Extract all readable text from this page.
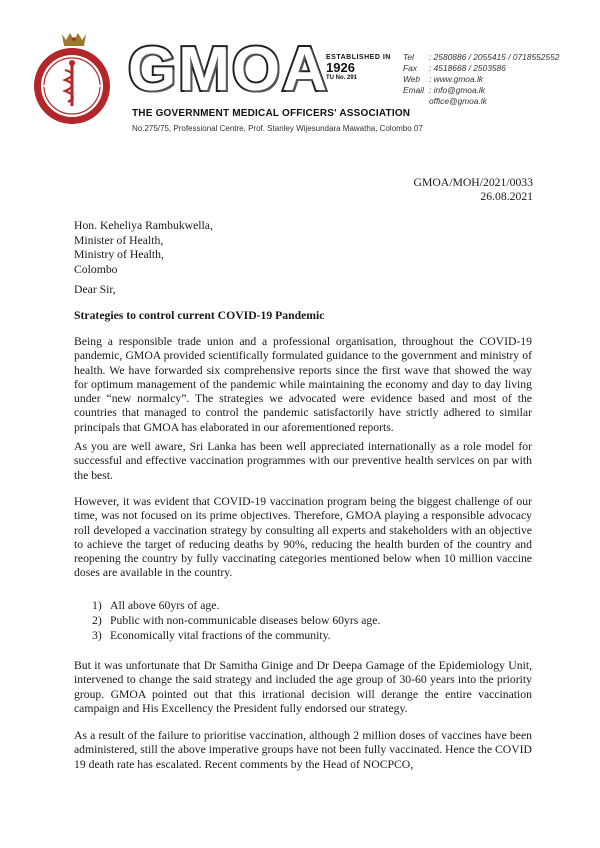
GMOA
ESTABLISHED IN
1926
TU No. 291
THE GOVERNMENT MEDICAL OFFICERS' ASSOCIATION
No.275/75, Professional Centre, Prof. Stanley Wijesundara Mawatha, Colombo 07
Tel	: 2580886 / 2055415 / 0718552552
Fax	: 4518668 / 2503586
Web	: www.gmoa.lk
Email : info@gmoa.lk
office@gmoa.lk
GMOA/MOH/2021/0033
26.08.2021
Hon. Keheliya Rambukwella,
Minister of Health,
Ministry of Health,
Colombo
Dear Sir,
Strategies to control current COVID-19 Pandemic

Being a responsible trade union and a professional organisation, throughout the COVID-19 pandemic, GMOA provided scientifically formulated guidance to the government and ministry of health. We have forwarded six comprehensive reports since the first wave that showed the way for optimum management of the pandemic while maintaining the economy and day to day living under “new normalcy”. The strategies we advocated were evidence based and most of the countries that managed to control the pandemic satisfactorily have strictly adhered to similar principals that GMOA has elaborated in our aforementioned reports.

As you are well aware, Sri Lanka has been well appreciated internationally as a role model for successful and effective vaccination programmes with our preventive health services on par with the best.

However, it was evident that COVID-19 vaccination program being the biggest challenge of our time, was not focused on its prime objectives. Therefore, GMOA playing a responsible advocacy roll developed a vaccination strategy by consulting all experts and stakeholders with an objective to achieve the target of reducing deaths by 90%, reducing the health burden of the country and reopening the country by fully vaccinating categories mentioned below when 10 million vaccine doses are available in the country.

1) All above 60yrs of age.
2) Public with non-communicable diseases below 60yrs age.
3) Economically vital fractions of the community.

But it was unfortunate that Dr Samitha Ginige and Dr Deepa Gamage of the Epidemiology Unit, intervened to change the said strategy and included the age group of 30-60 years into the priority group. GMOA pointed out that this irrational decision will derange the entire vaccination campaign and His Excellency the President fully endorsed our strategy.

As a result of the failure to prioritise vaccination, although 2 million doses of vaccines have been administered, still the above imperative groups have not been fully vaccinated. Hence the COVID 19 death rate has escalated. Recent comments by the Head of NOCPCO,
